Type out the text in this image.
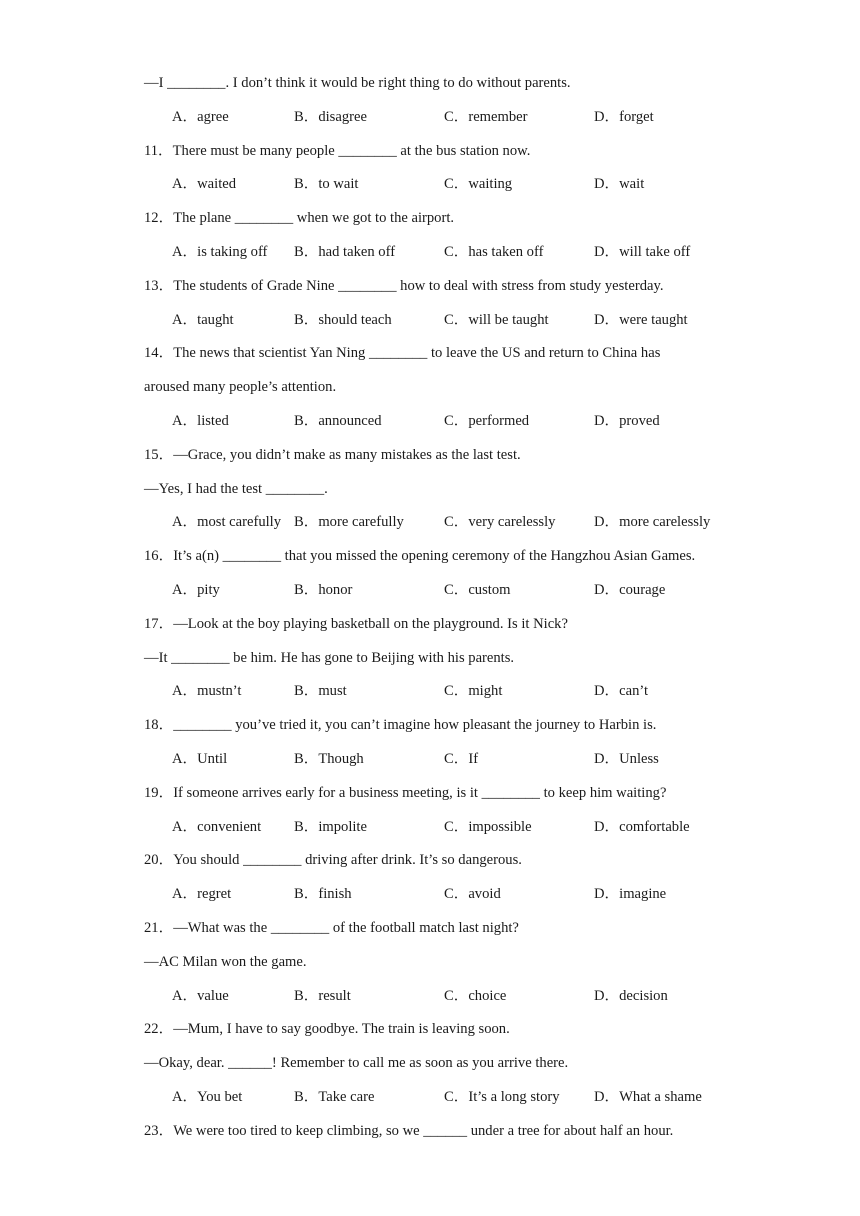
—I ________. I don’t think it would be right thing to do without parents.
A．agree	B．disagree	C．remember	D．forget
11．There must be many people ________ at the bus station now.
A．waited	B．to wait	C．waiting	D．wait
12．The plane ________ when we got to the airport.
A．is taking off B．had taken off	C．has taken off	D．will take off
13．The students of Grade Nine ________ how to deal with stress from study yesterday.
A．taught	B．should teach	C．will be taught	D．were taught
14．The news that scientist Yan Ning ________ to leave the US and return to China has
aroused many people’s attention.
A．listed	B．announced	C．performed	D．proved
15．—Grace, you didn’t make as many mistakes as the last test.
—Yes, I had the test ________.
A．most carefully B．more carefully	C．very carelessly	D．more carelessly
16．It’s a(n) ________ that you missed the opening ceremony of the Hangzhou Asian Games.
A．pity	B．honor	C．custom	D．courage
17．—Look at the boy playing basketball on the playground. Is it Nick?
—It ________ be him. He has gone to Beijing with his parents.
A．mustn’t	B．must	C．might	D．can’t
18．________ you’ve tried it, you can’t imagine how pleasant the journey to Harbin is.
A．Until	B．Though	C．If	D．Unless
19．If someone arrives early for a business meeting, is it ________ to keep him waiting?
A．convenient B．impolite	C．impossible	D．comfortable
20．You should ________ driving after drink. It’s so dangerous.
A．regret	B．finish	C．avoid	D．imagine
21．—What was the ________ of the football match last night?
—AC Milan won the game.
A．value	B．result	C．choice	D．decision
22．—Mum, I have to say goodbye. The train is leaving soon.
—Okay, dear. ______! Remember to call me as soon as you arrive there.
A．You bet	B．Take care	C．It’s a long story D．What a shame
23．We were too tired to keep climbing, so we ______ under a tree for about half an hour.
